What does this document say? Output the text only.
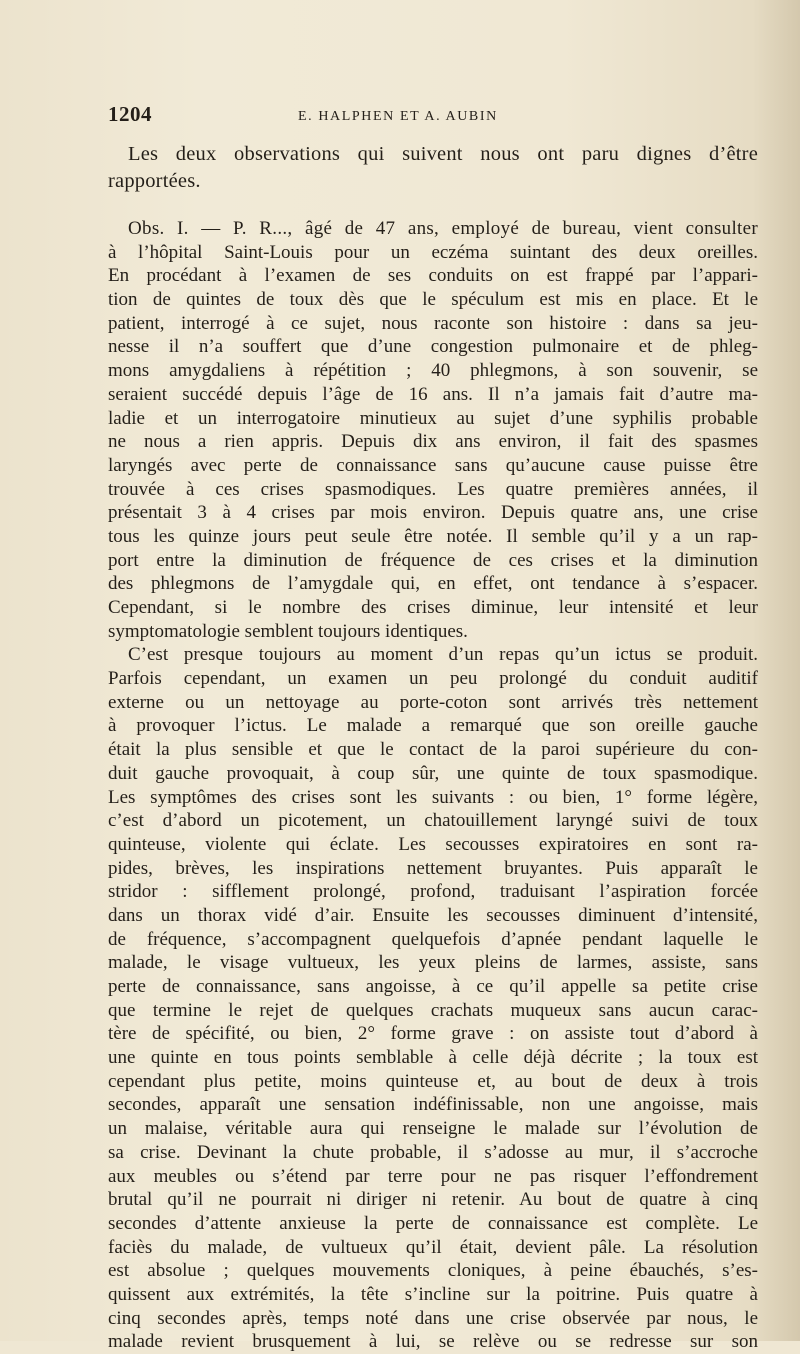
1204	E. HALPHEN ET A. AUBIN
Les deux observations qui suivent nous ont paru dignes d’être
rapportées.
Obs. I. — P. R..., âgé de 47 ans, employé de bureau, vient consulter
à l’hôpital Saint-Louis pour un eczéma suintant des deux oreilles.
En procédant à l’examen de ses conduits on est frappé par l’appari-
tion de quintes de toux dès que le spéculum est mis en place. Et le
patient, interrogé à ce sujet, nous raconte son histoire : dans sa jeu-
nesse il n’a souffert que d’une congestion pulmonaire et de phleg-
mons amygdaliens à répétition ; 40 phlegmons, à son souvenir, se
seraient succédé depuis l’âge de 16 ans. Il n’a jamais fait d’autre ma-
ladie et un interrogatoire minutieux au sujet d’une syphilis probable
ne nous a rien appris. Depuis dix ans environ, il fait des spasmes
laryngés avec perte de connaissance sans qu’aucune cause puisse être
trouvée à ces crises spasmodiques. Les quatre premières années, il
présentait 3 à 4 crises par mois environ. Depuis quatre ans, une crise
tous les quinze jours peut seule être notée. Il semble qu’il y a un rap-
port entre la diminution de fréquence de ces crises et la diminution
des phlegmons de l’amygdale qui, en effet, ont tendance à s’espacer.
Cependant, si le nombre des crises diminue, leur intensité et leur
symptomatologie semblent toujours identiques.
C’est presque toujours au moment d’un repas qu’un ictus se produit.
Parfois cependant, un examen un peu prolongé du conduit auditif
externe ou un nettoyage au porte-coton sont arrivés très nettement
à provoquer l’ictus. Le malade a remarqué que son oreille gauche
était la plus sensible et que le contact de la paroi supérieure du con-
duit gauche provoquait, à coup sûr, une quinte de toux spasmodique.
Les symptômes des crises sont les suivants : ou bien, 1° forme légère,
c’est d’abord un picotement, un chatouillement laryngé suivi de toux
quinteuse, violente qui éclate. Les secousses expiratoires en sont ra-
pides, brèves, les inspirations nettement bruyantes. Puis apparaît le
stridor : sifflement prolongé, profond, traduisant l’aspiration forcée
dans un thorax vidé d’air. Ensuite les secousses diminuent d’intensité,
de fréquence, s’accompagnent quelquefois d’apnée pendant laquelle le
malade, le visage vultueux, les yeux pleins de larmes, assiste, sans
perte de connaissance, sans angoisse, à ce qu’il appelle sa petite crise
que termine le rejet de quelques crachats muqueux sans aucun carac-
tère de spécifité, ou bien, 2° forme grave : on assiste tout d’abord à
une quinte en tous points semblable à celle déjà décrite ; la toux est
cependant plus petite, moins quinteuse et, au bout de deux à trois
secondes, apparaît une sensation indéfinissable, non une angoisse, mais
un malaise, véritable aura qui renseigne le malade sur l’évolution de
sa crise. Devinant la chute probable, il s’adosse au mur, il s’accroche
aux meubles ou s’étend par terre pour ne pas risquer l’effondrement
brutal qu’il ne pourrait ni diriger ni retenir. Au bout de quatre à cinq
secondes d’attente anxieuse la perte de connaissance est complète. Le
faciès du malade, de vultueux qu’il était, devient pâle. La résolution
est absolue ; quelques mouvements cloniques, à peine ébauchés, s’es-
quissent aux extrémités, la tête s’incline sur la poitrine. Puis quatre à
cinq secondes après, temps noté dans une crise observée par nous, le
malade revient brusquement à lui, se relève ou se redresse sur son
